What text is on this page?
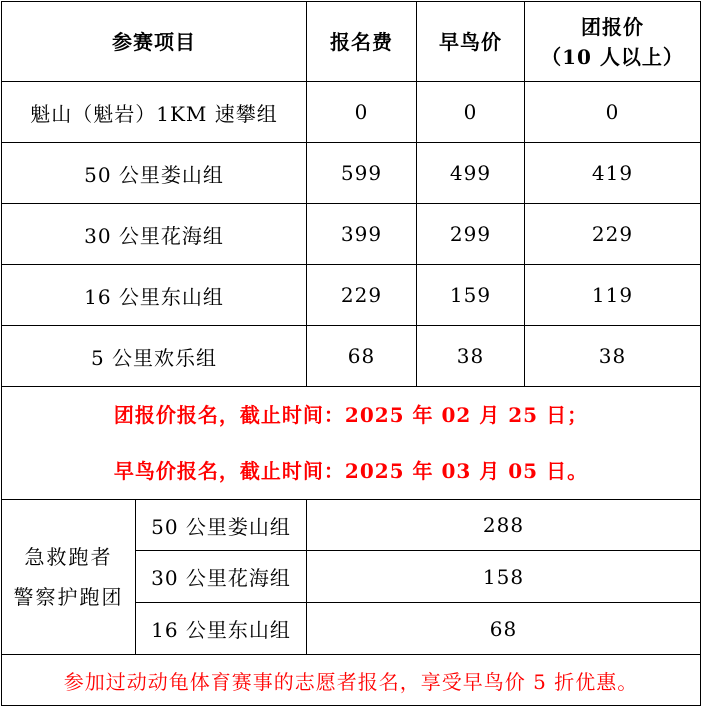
参赛项目		报名费	早鸟价	团报价
（10 人以上）

魁山（魁岩）1KM 速攀组		0	0	0
50 公里娄山组		599	499	419
30 公里花海组		399	299	229
16 公里东山组		229	159	119
5 公里欢乐组		68	38	38

团报价报名，截止时间：2025 年 02 月 25 日；
早鸟价报名，截止时间：2025 年 03 月 05 日。				

急救跑者
警察护跑团	50 公里娄山组	288		
	30 公里花海组	158		
	16 公里东山组	68		
参加过动动龟体育赛事的志愿者报名，享受早鸟价 5 折优惠。				
